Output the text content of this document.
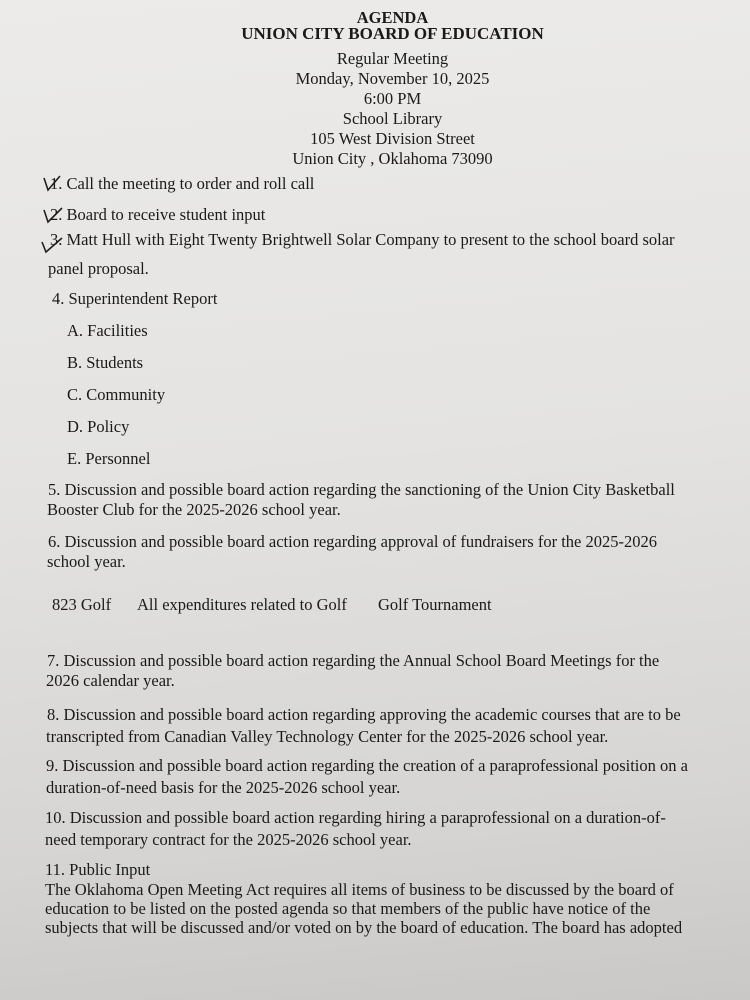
AGENDA
UNION CITY BOARD OF EDUCATION
Regular Meeting
Monday, November 10, 2025
6:00 PM
School Library
105 West Division Street
Union City , Oklahoma 73090
1. Call the meeting to order and roll call
2. Board to receive student input
3. Matt Hull with Eight Twenty Brightwell Solar Company to present to the school board solar
panel proposal.
4. Superintendent Report
A. Facilities
B. Students
C. Community
D. Policy
E. Personnel
5. Discussion and possible board action regarding the sanctioning of the Union City Basketball
Booster Club for the 2025-2026 school year.
6. Discussion and possible board action regarding approval of fundraisers for the 2025-2026
school year.
823 Golf All expenditures related to Golf Golf Tournament
7. Discussion and possible board action regarding the Annual School Board Meetings for the
2026 calendar year.
8. Discussion and possible board action regarding approving the academic courses that are to be
transcripted from Canadian Valley Technology Center for the 2025-2026 school year.
9. Discussion and possible board action regarding the creation of a paraprofessional position on a
duration-of-need basis for the 2025-2026 school year.
10. Discussion and possible board action regarding hiring a paraprofessional on a duration-of-
need temporary contract for the 2025-2026 school year.
11. Public Input
The Oklahoma Open Meeting Act requires all items of business to be discussed by the board of
education to be listed on the posted agenda so that members of the public have notice of the
subjects that will be discussed and/or voted on by the board of education. The board has adopted
